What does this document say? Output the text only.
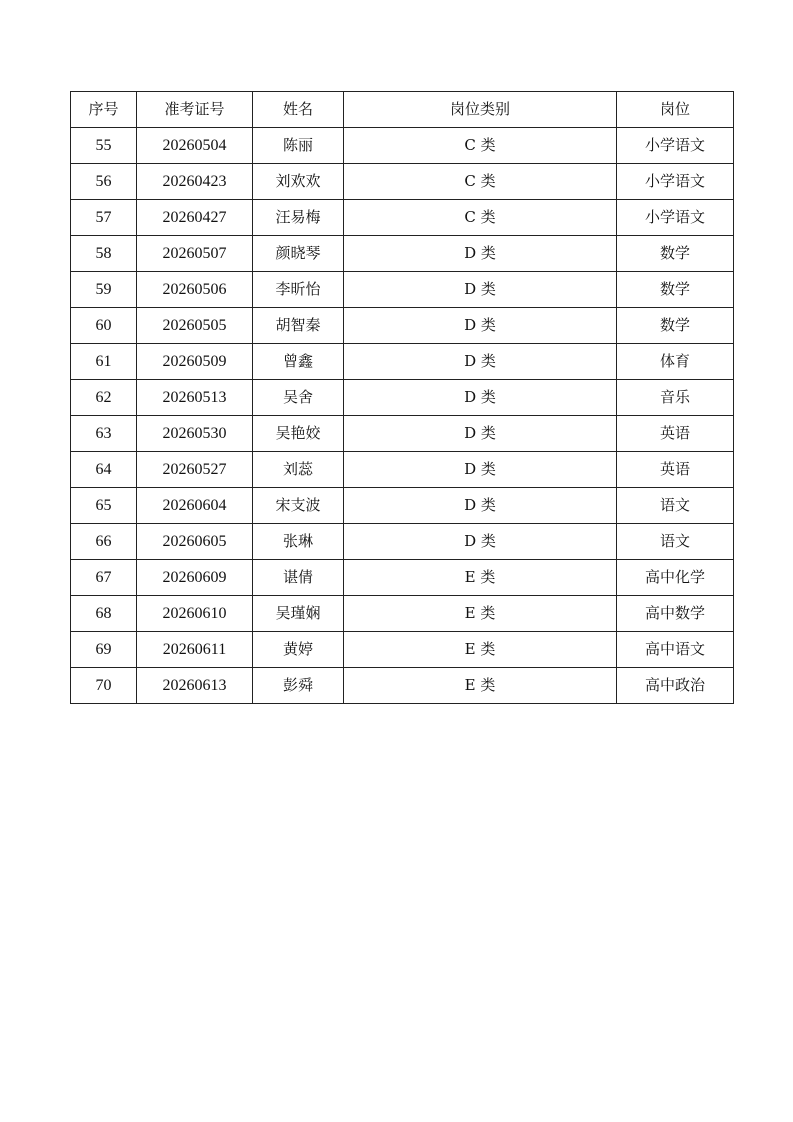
序号	准考证号	姓名	岗位类别	岗位
55	20260504	陈丽	C 类	小学语文
56	20260423	刘欢欢	C 类	小学语文
57	20260427	汪易梅	C 类	小学语文
58	20260507	颜晓琴	D 类	数学
59	20260506	李昕怡	D 类	数学
60	20260505	胡智秦	D 类	数学
61	20260509	曾鑫	D 类	体育
62	20260513	吴舍	D 类	音乐
63	20260530	吴艳姣	D 类	英语
64	20260527	刘蕊	D 类	英语
65	20260604	宋支波	D 类	语文
66	20260605	张琳	D 类	语文
67	20260609	谌倩	E 类	高中化学
68	20260610	吴瑾娴	E 类	高中数学
69	20260611	黄婷	E 类	高中语文
70	20260613	彭舜	E 类	高中政治
